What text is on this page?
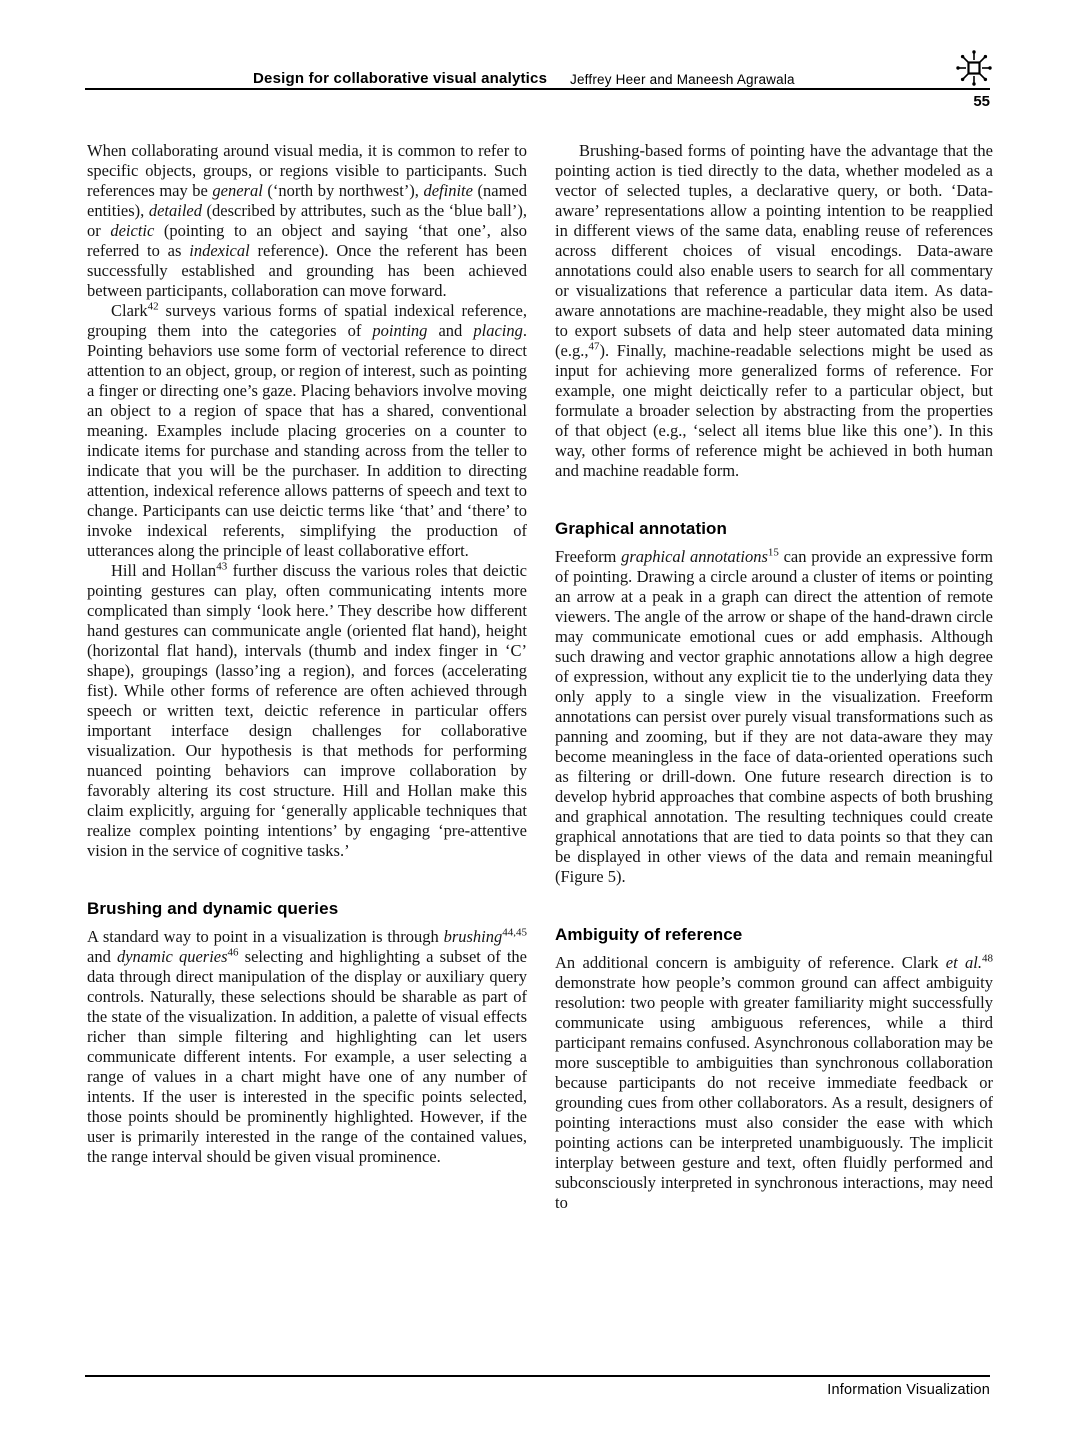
Design for collaborative visual analytics Jeffrey Heer and Maneesh Agrawala
55

When collaborating around visual media, it is common to refer to specific objects, groups, or regions visible to participants. Such references may be general (‘north by northwest’), definite (named entities), detailed (described by attributes, such as the ‘blue ball’), or deictic (pointing to an object and saying ‘that one’, also referred to as indexical reference). Once the referent has been successfully established and grounding has been achieved between participants, collaboration can move forward.

Clark$^{42}$ surveys various forms of spatial indexical reference, grouping them into the categories of pointing and placing. Pointing behaviors use some form of vectorial reference to direct attention to an object, group, or region of interest, such as pointing a finger or directing one’s gaze. Placing behaviors involve moving an object to a region of space that has a shared, conventional meaning. Examples include placing groceries on a counter to indicate items for purchase and standing across from the teller to indicate that you will be the purchaser. In addition to directing attention, indexical reference allows patterns of speech and text to change. Participants can use deictic terms like ‘that’ and ‘there’ to invoke indexical referents, simplifying the production of utterances along the principle of least collaborative effort.

Hill and Hollan$^{43}$ further discuss the various roles that deictic pointing gestures can play, often communicating intents more complicated than simply ‘look here.’ They describe how different hand gestures can communicate angle (oriented flat hand), height (horizontal flat hand), intervals (thumb and index finger in ‘C’ shape), groupings (lasso’ing a region), and forces (accelerating fist). While other forms of reference are often achieved through speech or written text, deictic reference in particular offers important interface design challenges for collaborative visualization. Our hypothesis is that methods for performing nuanced pointing behaviors can improve collaboration by favorably altering its cost structure. Hill and Hollan make this claim explicitly, arguing for ‘generally applicable techniques that realize complex pointing intentions’ by engaging ‘pre-attentive vision in the service of cognitive tasks.’

Brushing and dynamic queries

A standard way to point in a visualization is through brushing$^{44,45}$ and dynamic queries$^{46}$ selecting and highlighting a subset of the data through direct manipulation of the display or auxiliary query controls. Naturally, these selections should be sharable as part of the state of the visualization. In addition, a palette of visual effects richer than simple filtering and highlighting can let users communicate different intents. For example, a user selecting a range of values in a chart might have one of any number of intents. If the user is interested in the specific points selected, those points should be prominently highlighted. However, if the user is primarily interested in the range of the contained values, the range interval should be given visual prominence.

Brushing-based forms of pointing have the advantage that the pointing action is tied directly to the data, whether modeled as a vector of selected tuples, a declarative query, or both. ‘Data-aware’ representations allow a pointing intention to be reapplied in different views of the same data, enabling reuse of references across different choices of visual encodings. Data-aware annotations could also enable users to search for all commentary or visualizations that reference a particular data item. As data-aware annotations are machine-readable, they might also be used to export subsets of data and help steer automated data mining (e.g.,$^{47}$). Finally, machine-readable selections might be used as input for achieving more generalized forms of reference. For example, one might deictically refer to a particular object, but formulate a broader selection by abstracting from the properties of that object (e.g., ‘select all items blue like this one’). In this way, other forms of reference might be achieved in both human and machine readable form.

Graphical annotation

Freeform graphical annotations$^{15}$ can provide an expressive form of pointing. Drawing a circle around a cluster of items or pointing an arrow at a peak in a graph can direct the attention of remote viewers. The angle of the arrow or shape of the hand-drawn circle may communicate emotional cues or add emphasis. Although such drawing and vector graphic annotations allow a high degree of expression, without any explicit tie to the underlying data they only apply to a single view in the visualization. Freeform annotations can persist over purely visual transformations such as panning and zooming, but if they are not data-aware they may become meaningless in the face of data-oriented operations such as filtering or drill-down. One future research direction is to develop hybrid approaches that combine aspects of both brushing and graphical annotation. The resulting techniques could create graphical annotations that are tied to data points so that they can be displayed in other views of the data and remain meaningful (Figure 5).

Ambiguity of reference

An additional concern is ambiguity of reference. Clark et al.$^{48}$ demonstrate how people’s common ground can affect ambiguity resolution: two people with greater familiarity might successfully communicate using ambiguous references, while a third participant remains confused. Asynchronous collaboration may be more susceptible to ambiguities than synchronous collaboration because participants do not receive immediate feedback or grounding cues from other collaborators. As a result, designers of pointing interactions must also consider the ease with which pointing actions can be interpreted unambiguously. The implicit interplay between gesture and text, often fluidly performed and subconsciously interpreted in synchronous interactions, may need to

Information Visualization
